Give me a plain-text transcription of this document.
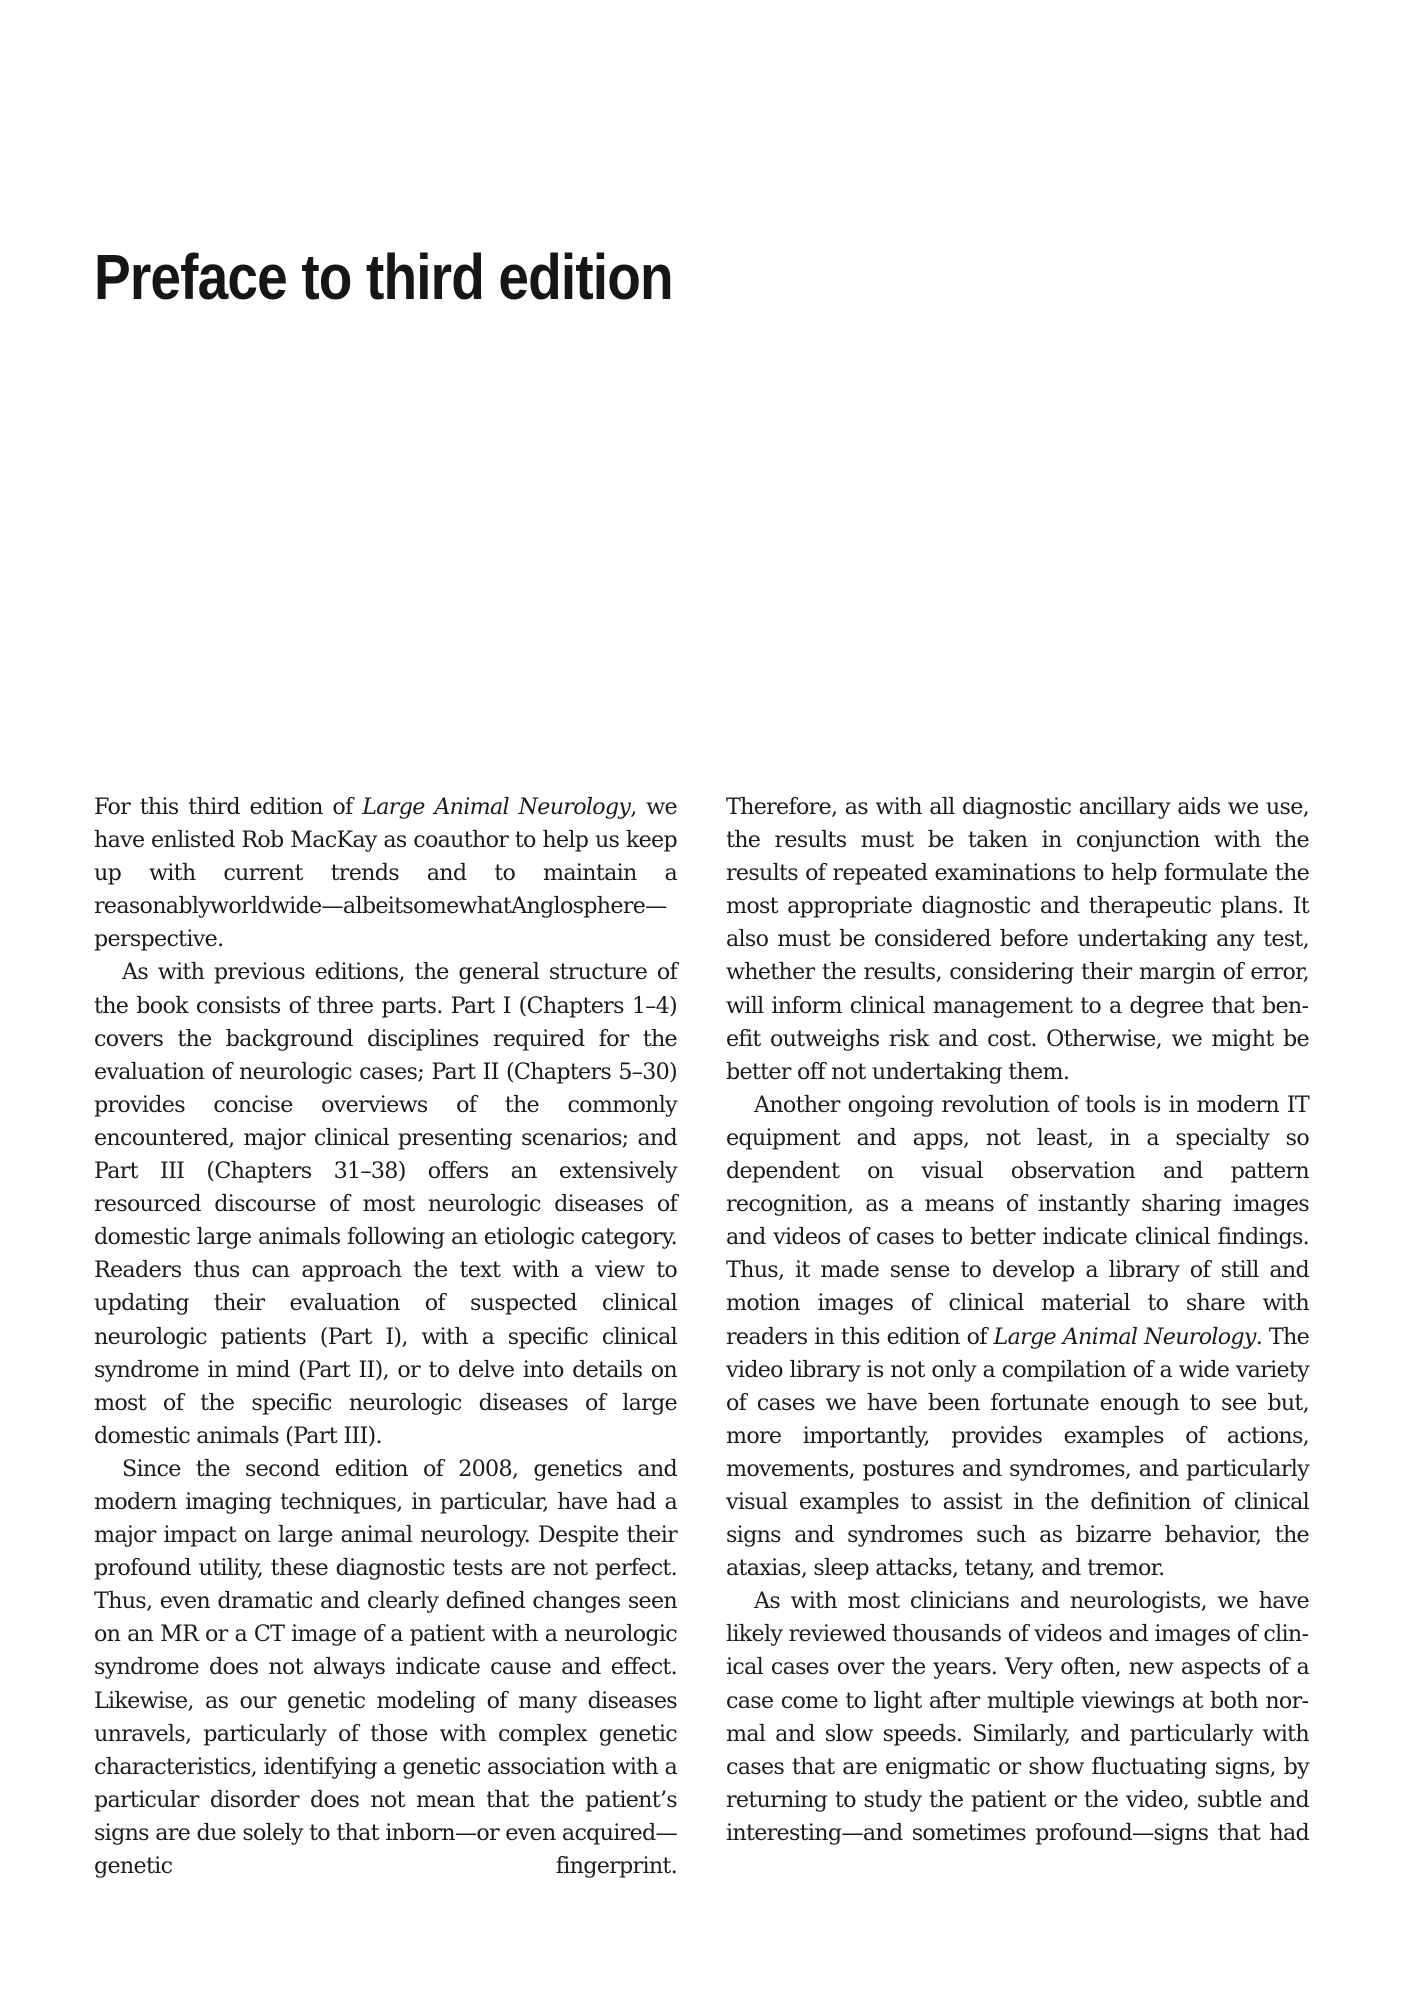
Preface to third edition

For this third edition of Large Animal Neurology, we have enlisted Rob MacKay as coauthor to help us keep up with current trends and to maintain a reasonablyworldwide—albeitsomewhatAnglosphere—perspective.

As with previous editions, the general structure of the book consists of three parts. Part I (Chapters 1–4) covers the background disciplines required for the evaluation of neurologic cases; Part II (Chapters 5–30) provides concise overviews of the commonly encountered, major clinical presenting scenarios; and Part III (Chapters 31–38) offers an extensively resourced discourse of most neurologic diseases of domestic large animals following an etiologic category. Readers thus can approach the text with a view to updating their evaluation of suspected clinical neurologic patients (Part I), with a specific clinical syndrome in mind (Part II), or to delve into details on most of the specific neurologic diseases of large domestic animals (Part III).

Since the second edition of 2008, genetics and modern imaging techniques, in particular, have had a major impact on large animal neurology. Despite their profound utility, these diagnostic tests are not perfect. Thus, even dramatic and clearly defined changes seen on an MR or a CT image of a patient with a neurologic syndrome does not always indicate cause and effect. Likewise, as our genetic modeling of many diseases unravels, particularly of those with complex genetic characteristics, identifying a genetic association with a particular disorder does not mean that the patient’s signs are due solely to that inborn—or even acquired—genetic fingerprint.

Therefore, as with all diagnostic ancillary aids we use, the results must be taken in conjunction with the results of repeated examinations to help formulate the most appropriate diagnostic and therapeutic plans. It also must be considered before undertaking any test, whether the results, considering their margin of error, will inform clinical management to a degree that benefit outweighs risk and cost. Otherwise, we might be better off not undertaking them.

Another ongoing revolution of tools is in modern IT equipment and apps, not least, in a specialty so dependent on visual observation and pattern recognition, as a means of instantly sharing images and videos of cases to better indicate clinical findings. Thus, it made sense to develop a library of still and motion images of clinical material to share with readers in this edition of Large Animal Neurology. The video library is not only a compilation of a wide variety of cases we have been fortunate enough to see but, more importantly, provides examples of actions, movements, postures and syndromes, and particularly visual examples to assist in the definition of clinical signs and syndromes such as bizarre behavior, the ataxias, sleep attacks, tetany, and tremor.

As with most clinicians and neurologists, we have likely reviewed thousands of videos and images of clinical cases over the years. Very often, new aspects of a case come to light after multiple viewings at both normal and slow speeds. Similarly, and particularly with cases that are enigmatic or show fluctuating signs, by returning to study the patient or the video, subtle and interesting—and sometimes profound—signs that had
